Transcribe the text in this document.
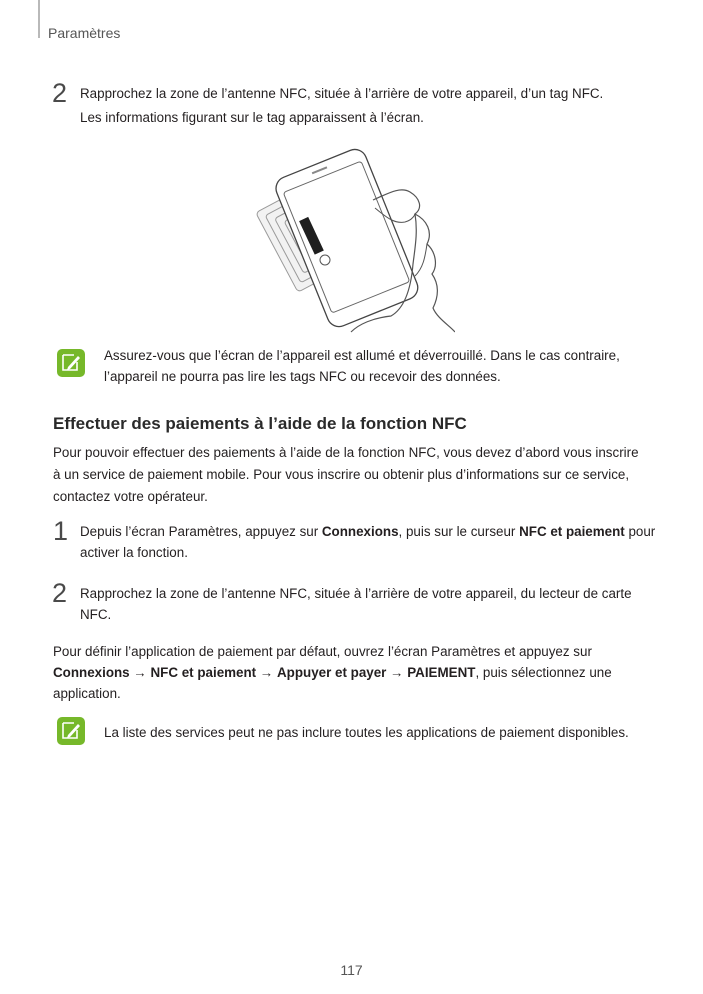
Paramètres
2 Rapprochez la zone de l’antenne NFC, située à l’arrière de votre appareil, d’un tag NFC.
Les informations figurant sur le tag apparaissent à l’écran.
Assurez-vous que l’écran de l’appareil est allumé et déverrouillé. Dans le cas contraire,
l’appareil ne pourra pas lire les tags NFC ou recevoir des données.
Effectuer des paiements à l’aide de la fonction NFC
Pour pouvoir effectuer des paiements à l’aide de la fonction NFC, vous devez d’abord vous inscrire
à un service de paiement mobile. Pour vous inscrire ou obtenir plus d’informations sur ce service,
contactez votre opérateur.
1 Depuis l’écran Paramètres, appuyez sur Connexions, puis sur le curseur NFC et paiement pour
activer la fonction.
2 Rapprochez la zone de l’antenne NFC, située à l’arrière de votre appareil, du lecteur de carte
NFC.
Pour définir l’application de paiement par défaut, ouvrez l’écran Paramètres et appuyez sur
Connexions → NFC et paiement → Appuyer et payer → PAIEMENT, puis sélectionnez une
application.
La liste des services peut ne pas inclure toutes les applications de paiement disponibles.
117
